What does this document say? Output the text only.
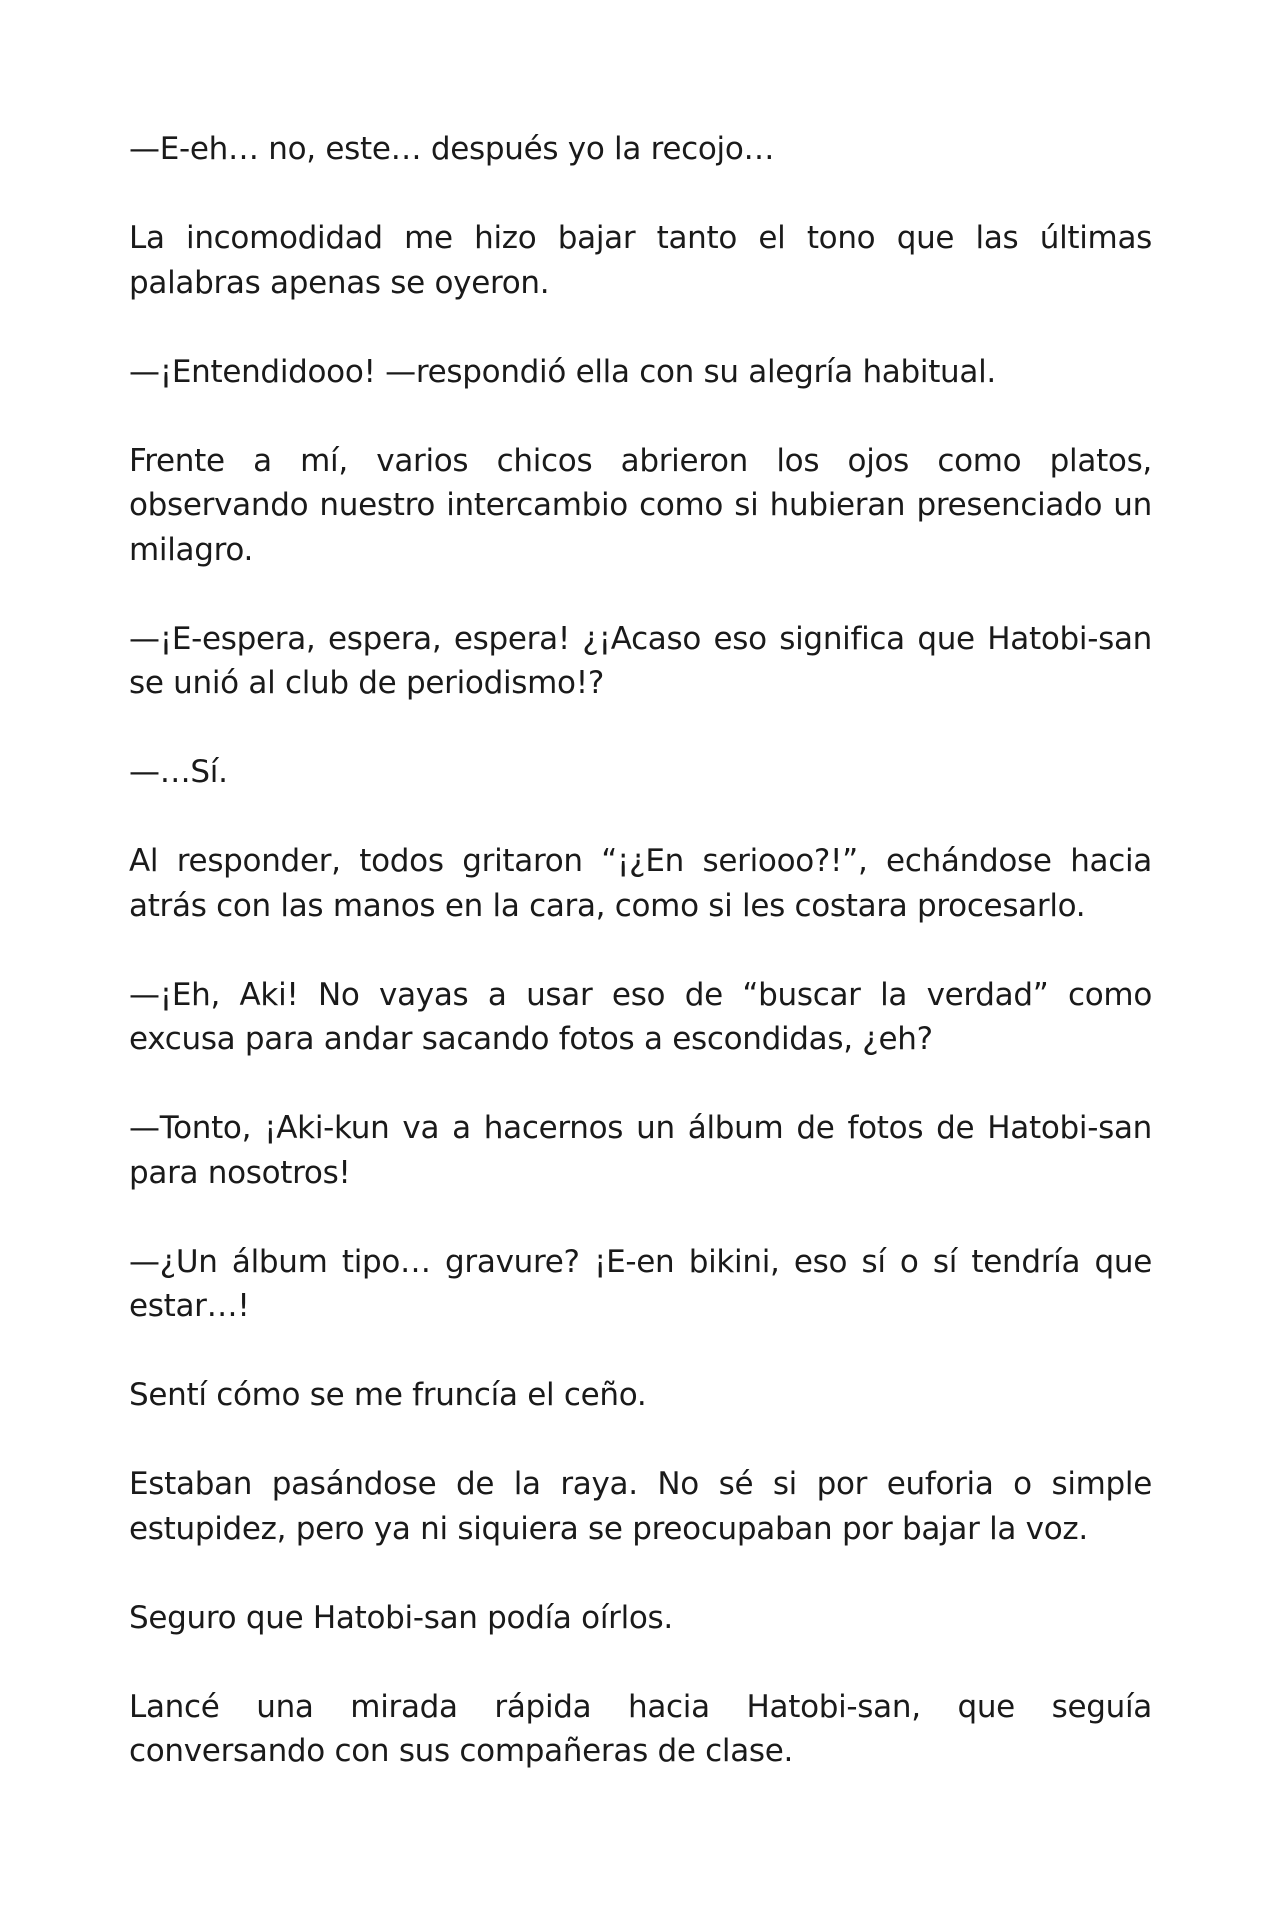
—E-eh… no, este… después yo la recojo…

La incomodidad me hizo bajar tanto el tono que las últimas palabras apenas se oyeron.

—¡Entendidooo! —respondió ella con su alegría habitual.

Frente a mí, varios chicos abrieron los ojos como platos, observando nuestro intercambio como si hubieran presenciado un milagro.

—¡E-espera, espera, espera! ¿¡Acaso eso significa que Hatobi-san se unió al club de periodismo!?

—…Sí.

Al responder, todos gritaron “¡¿En seriooo?!”, echándose hacia atrás con las manos en la cara, como si les costara procesarlo.

—¡Eh, Aki! No vayas a usar eso de “buscar la verdad” como excusa para andar sacando fotos a escondidas, ¿eh?

—Tonto, ¡Aki-kun va a hacernos un álbum de fotos de Hatobi-san para nosotros!

—¿Un álbum tipo… gravure? ¡E-en bikini, eso sí o sí tendría que estar…!

Sentí cómo se me fruncía el ceño.

Estaban pasándose de la raya. No sé si por euforia o simple estupidez, pero ya ni siquiera se preocupaban por bajar la voz.

Seguro que Hatobi-san podía oírlos.

Lancé una mirada rápida hacia Hatobi-san, que seguía conversando con sus compañeras de clase.
